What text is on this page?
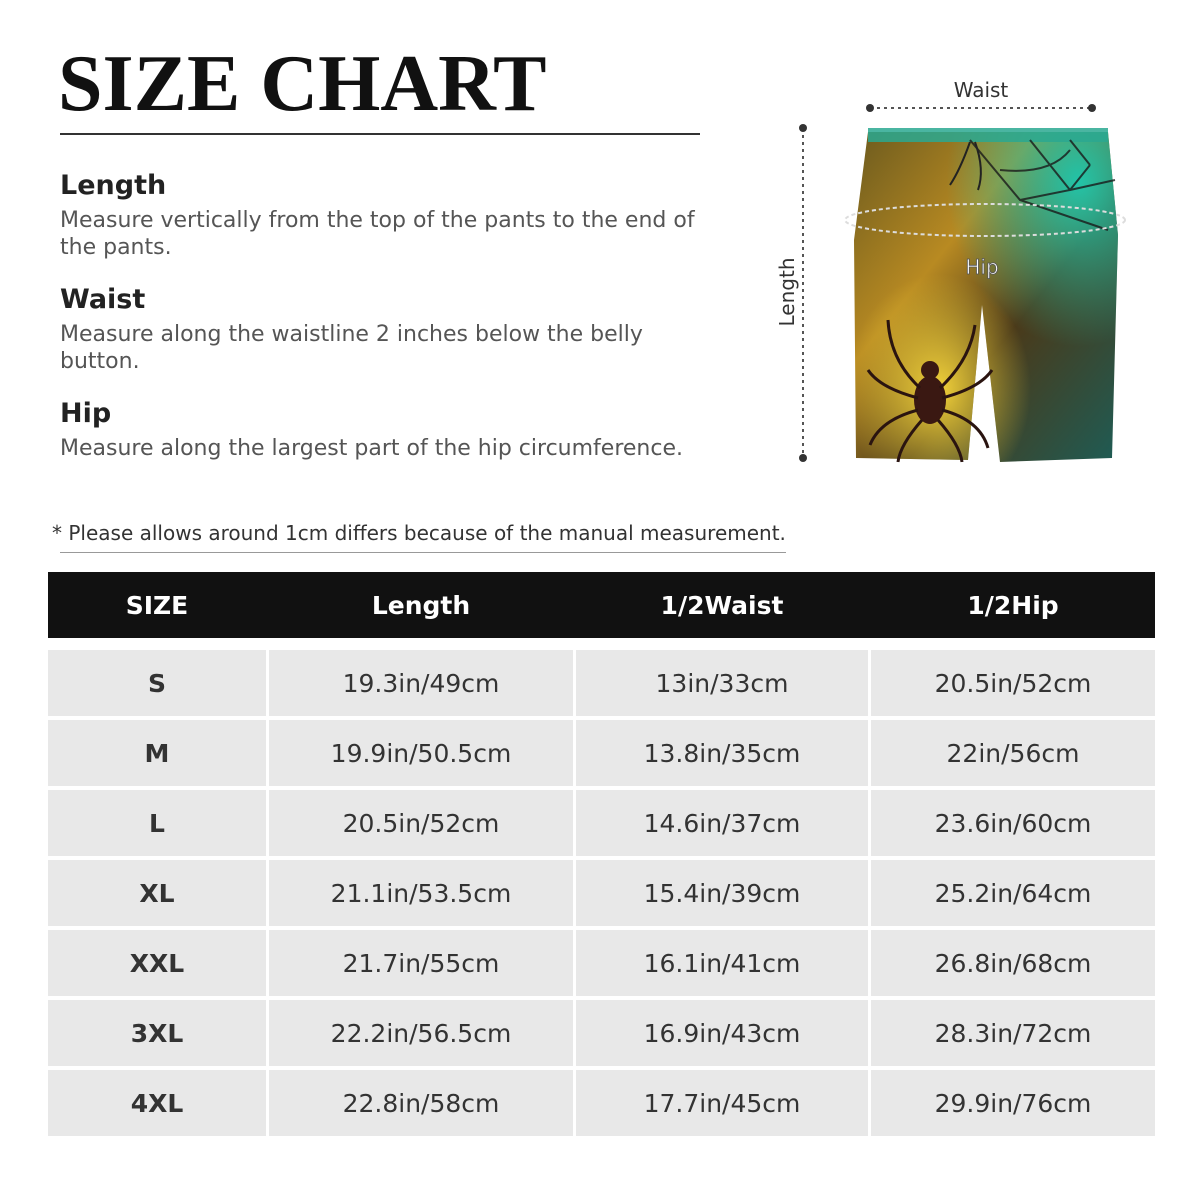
SIZE CHART
Length

Measure vertically from the top of the pants to the end of the pants.

Waist

Measure along the waistline 2 inches below the belly button.

Hip

Measure along the largest part of the hip circumference.

* Please allows around 1cm differs because of the manual measurement.
Waist
Length	Hip
SIZE	Length	1/2Waist	1/2Hip
S	19.3in/49cm	13in/33cm	20.5in/52cm
M	19.9in/50.5cm	13.8in/35cm	22in/56cm
L	20.5in/52cm	14.6in/37cm	23.6in/60cm
XL	21.1in/53.5cm	15.4in/39cm	25.2in/64cm
XXL	21.7in/55cm	16.1in/41cm	26.8in/68cm
3XL	22.2in/56.5cm	16.9in/43cm	28.3in/72cm
4XL	22.8in/58cm	17.7in/45cm	29.9in/76cm
